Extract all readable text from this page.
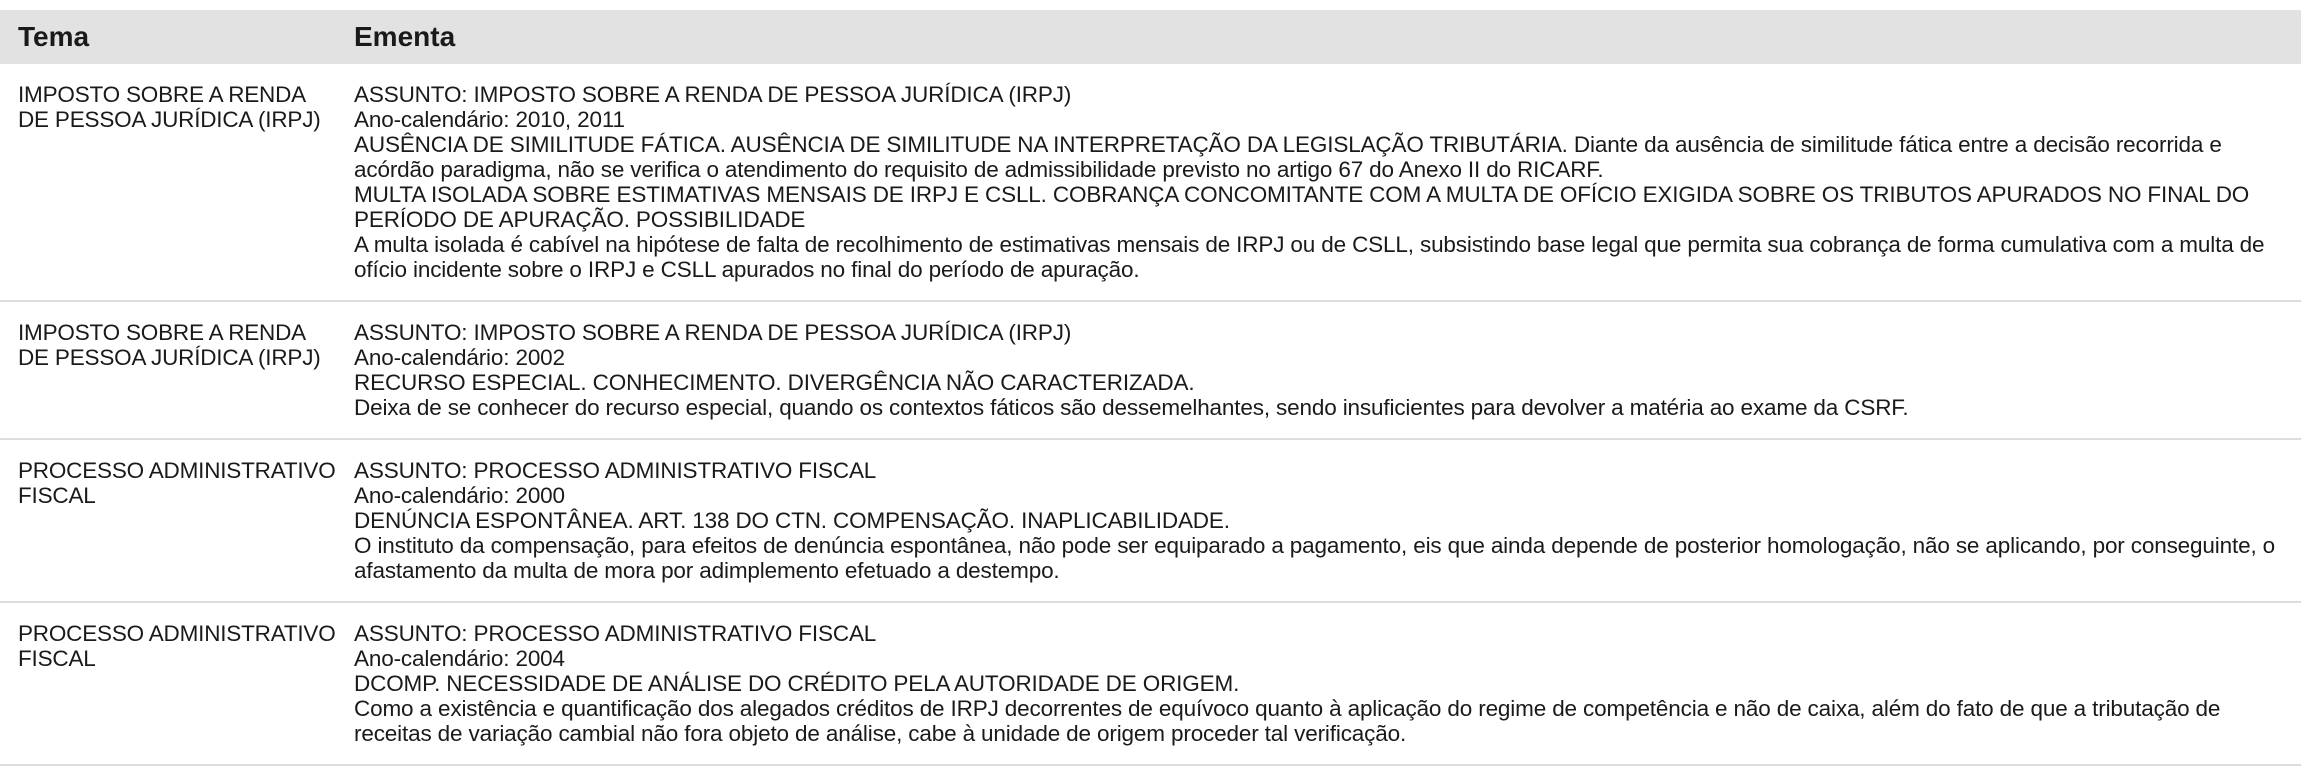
Tema	Ementa

IMPOSTO SOBRE A RENDA DE PESSOA JURÍDICA (IRPJ)	ASSUNTO: IMPOSTO SOBRE A RENDA DE PESSOA JURÍDICA (IRPJ)
Ano-calendário: 2010, 2011
AUSÊNCIA DE SIMILITUDE FÁTICA. AUSÊNCIA DE SIMILITUDE NA INTERPRETAÇÃO DA LEGISLAÇÃO TRIBUTÁRIA. Diante da ausência de similitude fática entre a decisão recorrida e acórdão paradigma, não se verifica o atendimento do requisito de admissibilidade previsto no artigo 67 do Anexo II do RICARF.
MULTA ISOLADA SOBRE ESTIMATIVAS MENSAIS DE IRPJ E CSLL. COBRANÇA CONCOMITANTE COM A MULTA DE OFÍCIO EXIGIDA SOBRE OS TRIBUTOS APURADOS NO FINAL DO PERÍODO DE APURAÇÃO. POSSIBILIDADE
A multa isolada é cabível na hipótese de falta de recolhimento de estimativas mensais de IRPJ ou de CSLL, subsistindo base legal que permita sua cobrança de forma cumulativa com a multa de ofício incidente sobre o IRPJ e CSLL apurados no final do período de apuração.

IMPOSTO SOBRE A RENDA DE PESSOA JURÍDICA (IRPJ)	ASSUNTO: IMPOSTO SOBRE A RENDA DE PESSOA JURÍDICA (IRPJ)
Ano-calendário: 2002
RECURSO ESPECIAL. CONHECIMENTO. DIVERGÊNCIA NÃO CARACTERIZADA.
Deixa de se conhecer do recurso especial, quando os contextos fáticos são dessemelhantes, sendo insuficientes para devolver a matéria ao exame da CSRF.

PROCESSO ADMINISTRATIVO FISCAL	ASSUNTO: PROCESSO ADMINISTRATIVO FISCAL
Ano-calendário: 2000
DENÚNCIA ESPONTÂNEA. ART. 138 DO CTN. COMPENSAÇÃO. INAPLICABILIDADE.
O instituto da compensação, para efeitos de denúncia espontânea, não pode ser equiparado a pagamento, eis que ainda depende de posterior homologação, não se aplicando, por conseguinte, o afastamento da multa de mora por adimplemento efetuado a destempo.

PROCESSO ADMINISTRATIVO FISCAL	ASSUNTO: PROCESSO ADMINISTRATIVO FISCAL
Ano-calendário: 2004
DCOMP. NECESSIDADE DE ANÁLISE DO CRÉDITO PELA AUTORIDADE DE ORIGEM.
Como a existência e quantificação dos alegados créditos de IRPJ decorrentes de equívoco quanto à aplicação do regime de competência e não de caixa, além do fato de que a tributação de receitas de variação cambial não fora objeto de análise, cabe à unidade de origem proceder tal verificação.
